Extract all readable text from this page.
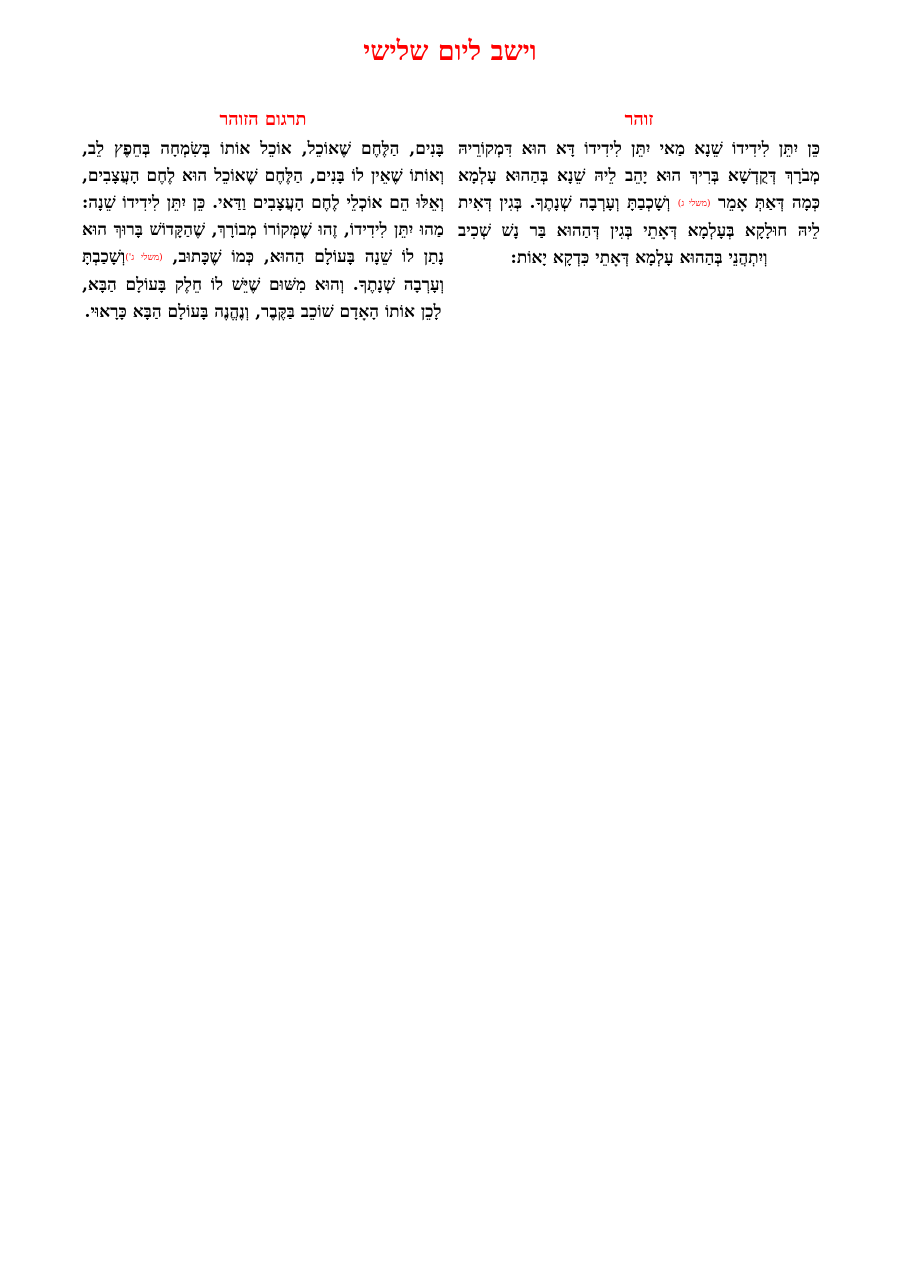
וישב ליום שלישי
זוהר

כֵּן יִתֵּן לִידִידוֹ שֵׁנָא מַאי יִתֵּן לִידִידוֹ דָּא הוּא דִּמְקוֹרֵיהּ מְבֹרָךְ דְּקֻדְשָׁא בְּרִיךְ הוּא יָהֵב לֵיהּ שֵׁנָא בְּהַהוּא עָלְמָא כְּמָה דְּאַתְּ אָמֵר (משלי ג) וְשָׁכְבַתָּ וְעָרְבָה שְׁנָתֶךָ. בְּגִין דְּאִית לֵיהּ חוּלָקָא בְּעָלְמָא דְּאָתֵי בְּגִין דְּהַהוּא בַּר נָשׁ שְׁכִיב וְיִתְהֲנֵי בְּהַהוּא עָלְמָא דְּאָתֵי כִּדְקָא יָאוֹת:

תרגום הזוהר

בָּנִים, הַלֶּחֶם שֶׁאוֹכֵל, אוֹכֵל אוֹתוֹ בְּשִׂמְחָה בְּחֵפֶץ לֵב, וְאוֹתוֹ שֶׁאֵין לוֹ בָּנִים, הַלֶּחֶם שֶׁאוֹכֵל הוּא לֶחֶם הָעֲצָבִים, וְאֵלּוּ הֵם אוֹכְלֵי לֶחֶם הָעֲצָבִים וַדַּאי. כֵּן יִתֵּן לִידִידוֹ שֵׁנָה: מַהוּ יִתֵּן לִידִידוֹ, זֶהוּ שֶׁמְּקוֹרוֹ מְבוֹרָךְ, שֶׁהַקָּדוֹשׁ בָּרוּךְ הוּא נָתַן לוֹ שֵׁנָה בָּעוֹלָם הַהוּא, כְּמוֹ שֶׁכָּתוּב, (משלי ג')וְשָׁכַבְתָּ וְעָרְבָה שְׁנָתֶךָ. וְהוּא מִשּׁוּם שֶׁיֵּשׁ לוֹ חֵלֶק בָּעוֹלָם הַבָּא, לָכֵן אוֹתוֹ הָאָדָם שׁוֹכֵב בַּקֶּבֶר, וְנֶהֱנֶה בָּעוֹלָם הַבָּא כָּרָאוּי.
